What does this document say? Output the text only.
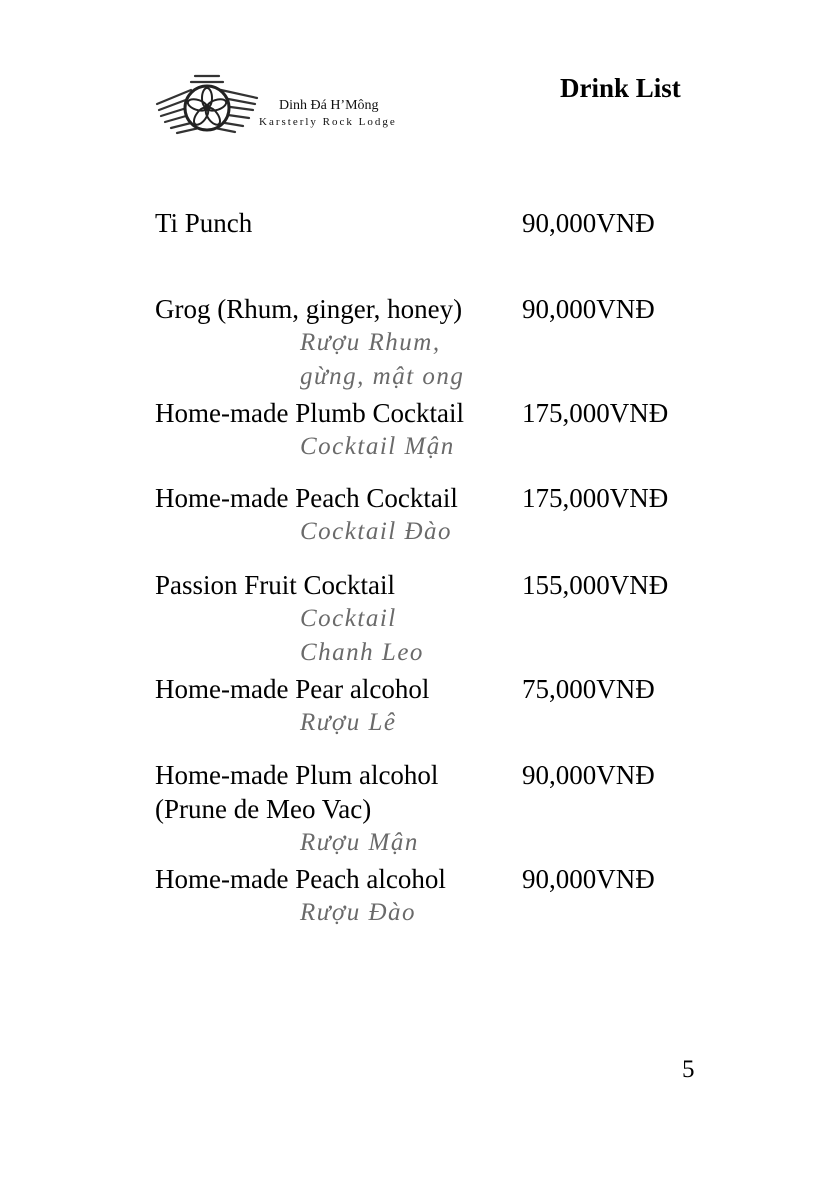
Dinh Đá H’Mông
Karsterly Rock Lodge
Drink List
Ti Punch	90,000VNĐ
Grog (Rhum, ginger, honey) 90,000VNĐ
Rượu Rhum,
gừng, mật ong
Home-made Plumb Cocktail 175,000VNĐ
Cocktail Mận
Home-made Peach Cocktail 175,000VNĐ
Cocktail Đào
Passion Fruit Cocktail	155,000VNĐ
Cocktail
Chanh Leo
Home-made Pear alcohol	75,000VNĐ
Rượu Lê
Home-made Plum alcohol	90,000VNĐ
(Prune de Meo Vac)
Rượu Mận
Home-made Peach alcohol	90,000VNĐ
Rượu Đào
5
